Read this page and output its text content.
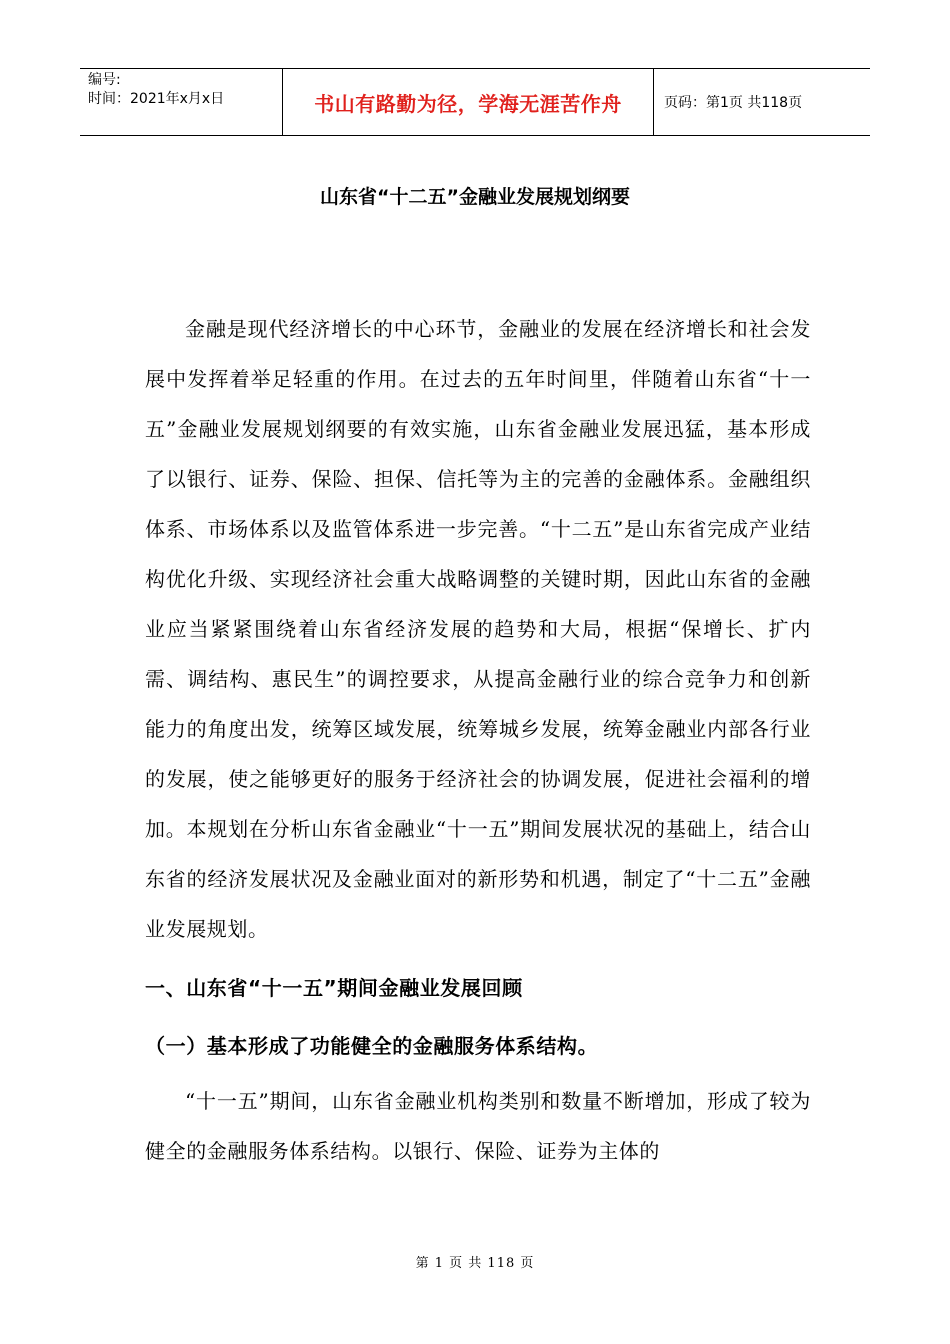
编号:
时间：2021年x月x日	书山有路勤为径，学海无涯苦作舟	页码：第1页 共118页
山东省“十二五”金融业发展规划纲要

金融是现代经济增长的中心环节，金融业的发展在经济增长和社会发展中发挥着举足轻重的作用。在过去的五年时间里，伴随着山东省“十一五”金融业发展规划纲要的有效实施，山东省金融业发展迅猛，基本形成了以银行、证券、保险、担保、信托等为主的完善的金融体系。金融组织体系、市场体系以及监管体系进一步完善。“十二五”是山东省完成产业结构优化升级、实现经济社会重大战略调整的关键时期，因此山东省的金融业应当紧紧围绕着山东省经济发展的趋势和大局，根据“保增长、扩内需、调结构、惠民生”的调控要求，从提高金融行业的综合竞争力和创新能力的角度出发，统筹区域发展，统筹城乡发展，统筹金融业内部各行业的发展，使之能够更好的服务于经济社会的协调发展，促进社会福利的增加。本规划在分析山东省金融业“十一五”期间发展状况的基础上，结合山东省的经济发展状况及金融业面对的新形势和机遇，制定了“十二五”金融业发展规划。

一、山东省“十一五”期间金融业发展回顾
（一）基本形成了功能健全的金融服务体系结构。

“十一五”期间，山东省金融业机构类别和数量不断增加，形成了较为健全的金融服务体系结构。以银行、保险、证券为主体的

第 1 页 共 118 页
